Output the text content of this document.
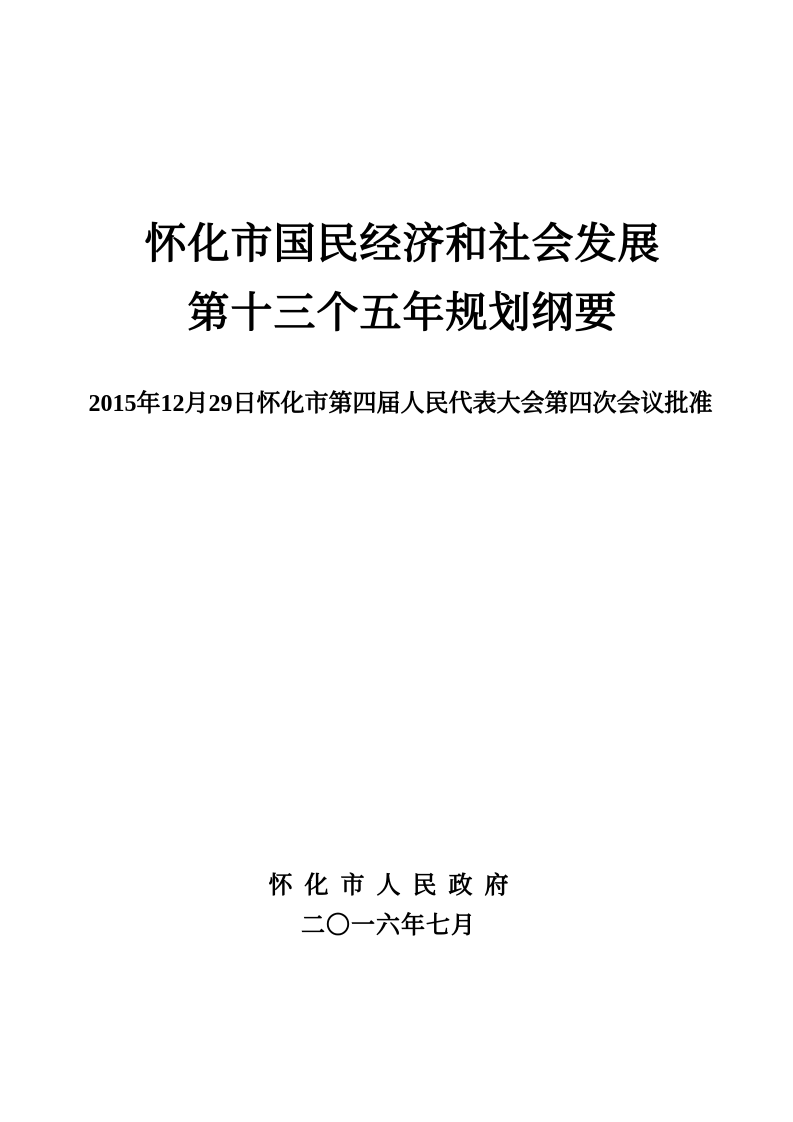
怀化市国民经济和社会发展
第十三个五年规划纲要
2015年12月29日怀化市第四届人民代表大会第四次会议批准
怀化市人民政府
二〇一六年七月
